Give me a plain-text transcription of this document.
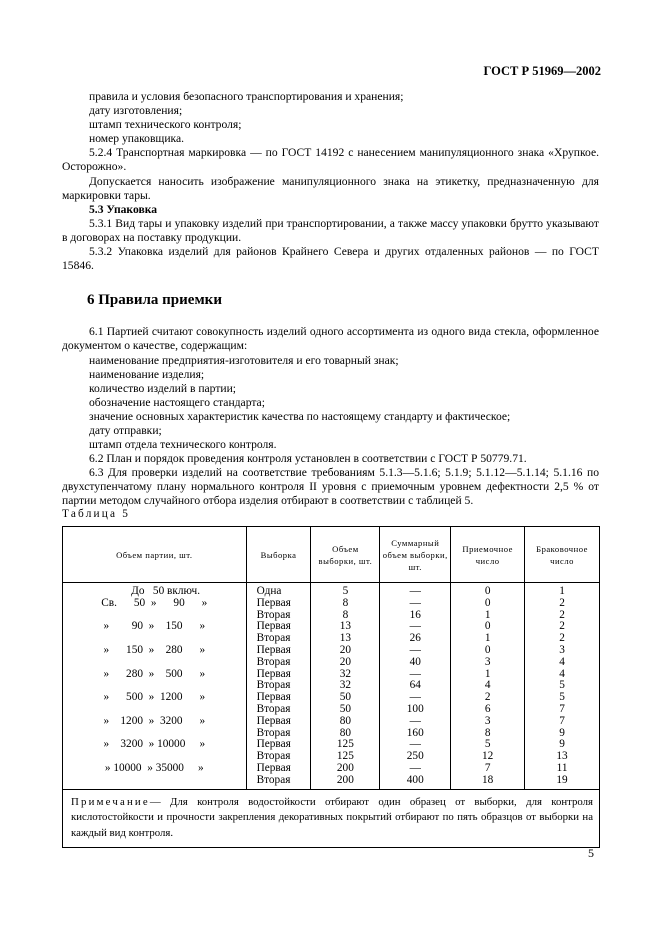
ГОСТ Р 51969—2002

правила и условия безопасного транспортирования и хранения;

дату изготовления;

штамп технического контроля;

номер упаковщика.

5.2.4 Транспортная маркировка — по ГОСТ 14192 с нанесением манипуляционного знака «Хрупкое. Осторожно».

Допускается наносить изображение манипуляционного знака на этикетку, предназначенную для маркировки тары.

5.3 Упаковка

5.3.1 Вид тары и упаковку изделий при транспортировании, а также массу упаковки брутто указывают в договорах на поставку продукции.

5.3.2 Упаковка изделий для районов Крайнего Севера и других отдаленных районов — по ГОСТ 15846.

6 Правила приемки

6.1 Партией считают совокупность изделий одного ассортимента из одного вида стекла, оформленное документом о качестве, содержащим:

наименование предприятия-изготовителя и его товарный знак;

наименование изделия;

количество изделий в партии;

обозначение настоящего стандарта;

значение основных характеристик качества по настоящему стандарту и фактическое;

дату отправки;

штамп отдела технического контроля.

6.2 План и порядок проведения контроля установлен в соответствии с ГОСТ Р 50779.71.

6.3 Для проверки изделий на соответствие требованиям 5.1.3—5.1.6; 5.1.9; 5.1.12—5.1.14; 5.1.16 по двухступенчатому плану нормального контроля II уровня с приемочным уровнем дефектности 2,5 % от партии методом случайного отбора изделия отбирают в соответствии с таблицей 5.

Таблица 5
Объем партии, шт.	Выборка	Объем выборки, шт.	Суммарный объем выборки, шт.	Приемочное число	Браковочное число
До   50 включ.	Одна	5	—	0	1
Св.      50  »      90      »	Первая	8	—	0	2
	Вторая	8	16	1	2
»        90  »    150      »	Первая	13	—	0	2
	Вторая	13	26	1	2
»      150  »    280      »	Первая	20	—	0	3
	Вторая	20	40	3	4
»      280  »    500      »	Первая	32	—	1	4
	Вторая	32	64	4	5
»      500  »  1200      »	Первая	50	—	2	5
	Вторая	50	100	6	7
»    1200  »  3200      »	Первая	80	—	3	7
	Вторая	80	160	8	9
»    3200  » 10000     »	Первая	125	—	5	9
	Вторая	125	250	12	13
» 10000  » 35000     »	Первая	200	—	7	11
	Вторая	200	400	18	19
Примечание— Для контроля водостойкости отбирают один образец от выборки, для контроля кислотостойкости и прочности закрепления декоративных покрытий отбирают по пять образцов от выборки на каждый вид контроля.					
5
